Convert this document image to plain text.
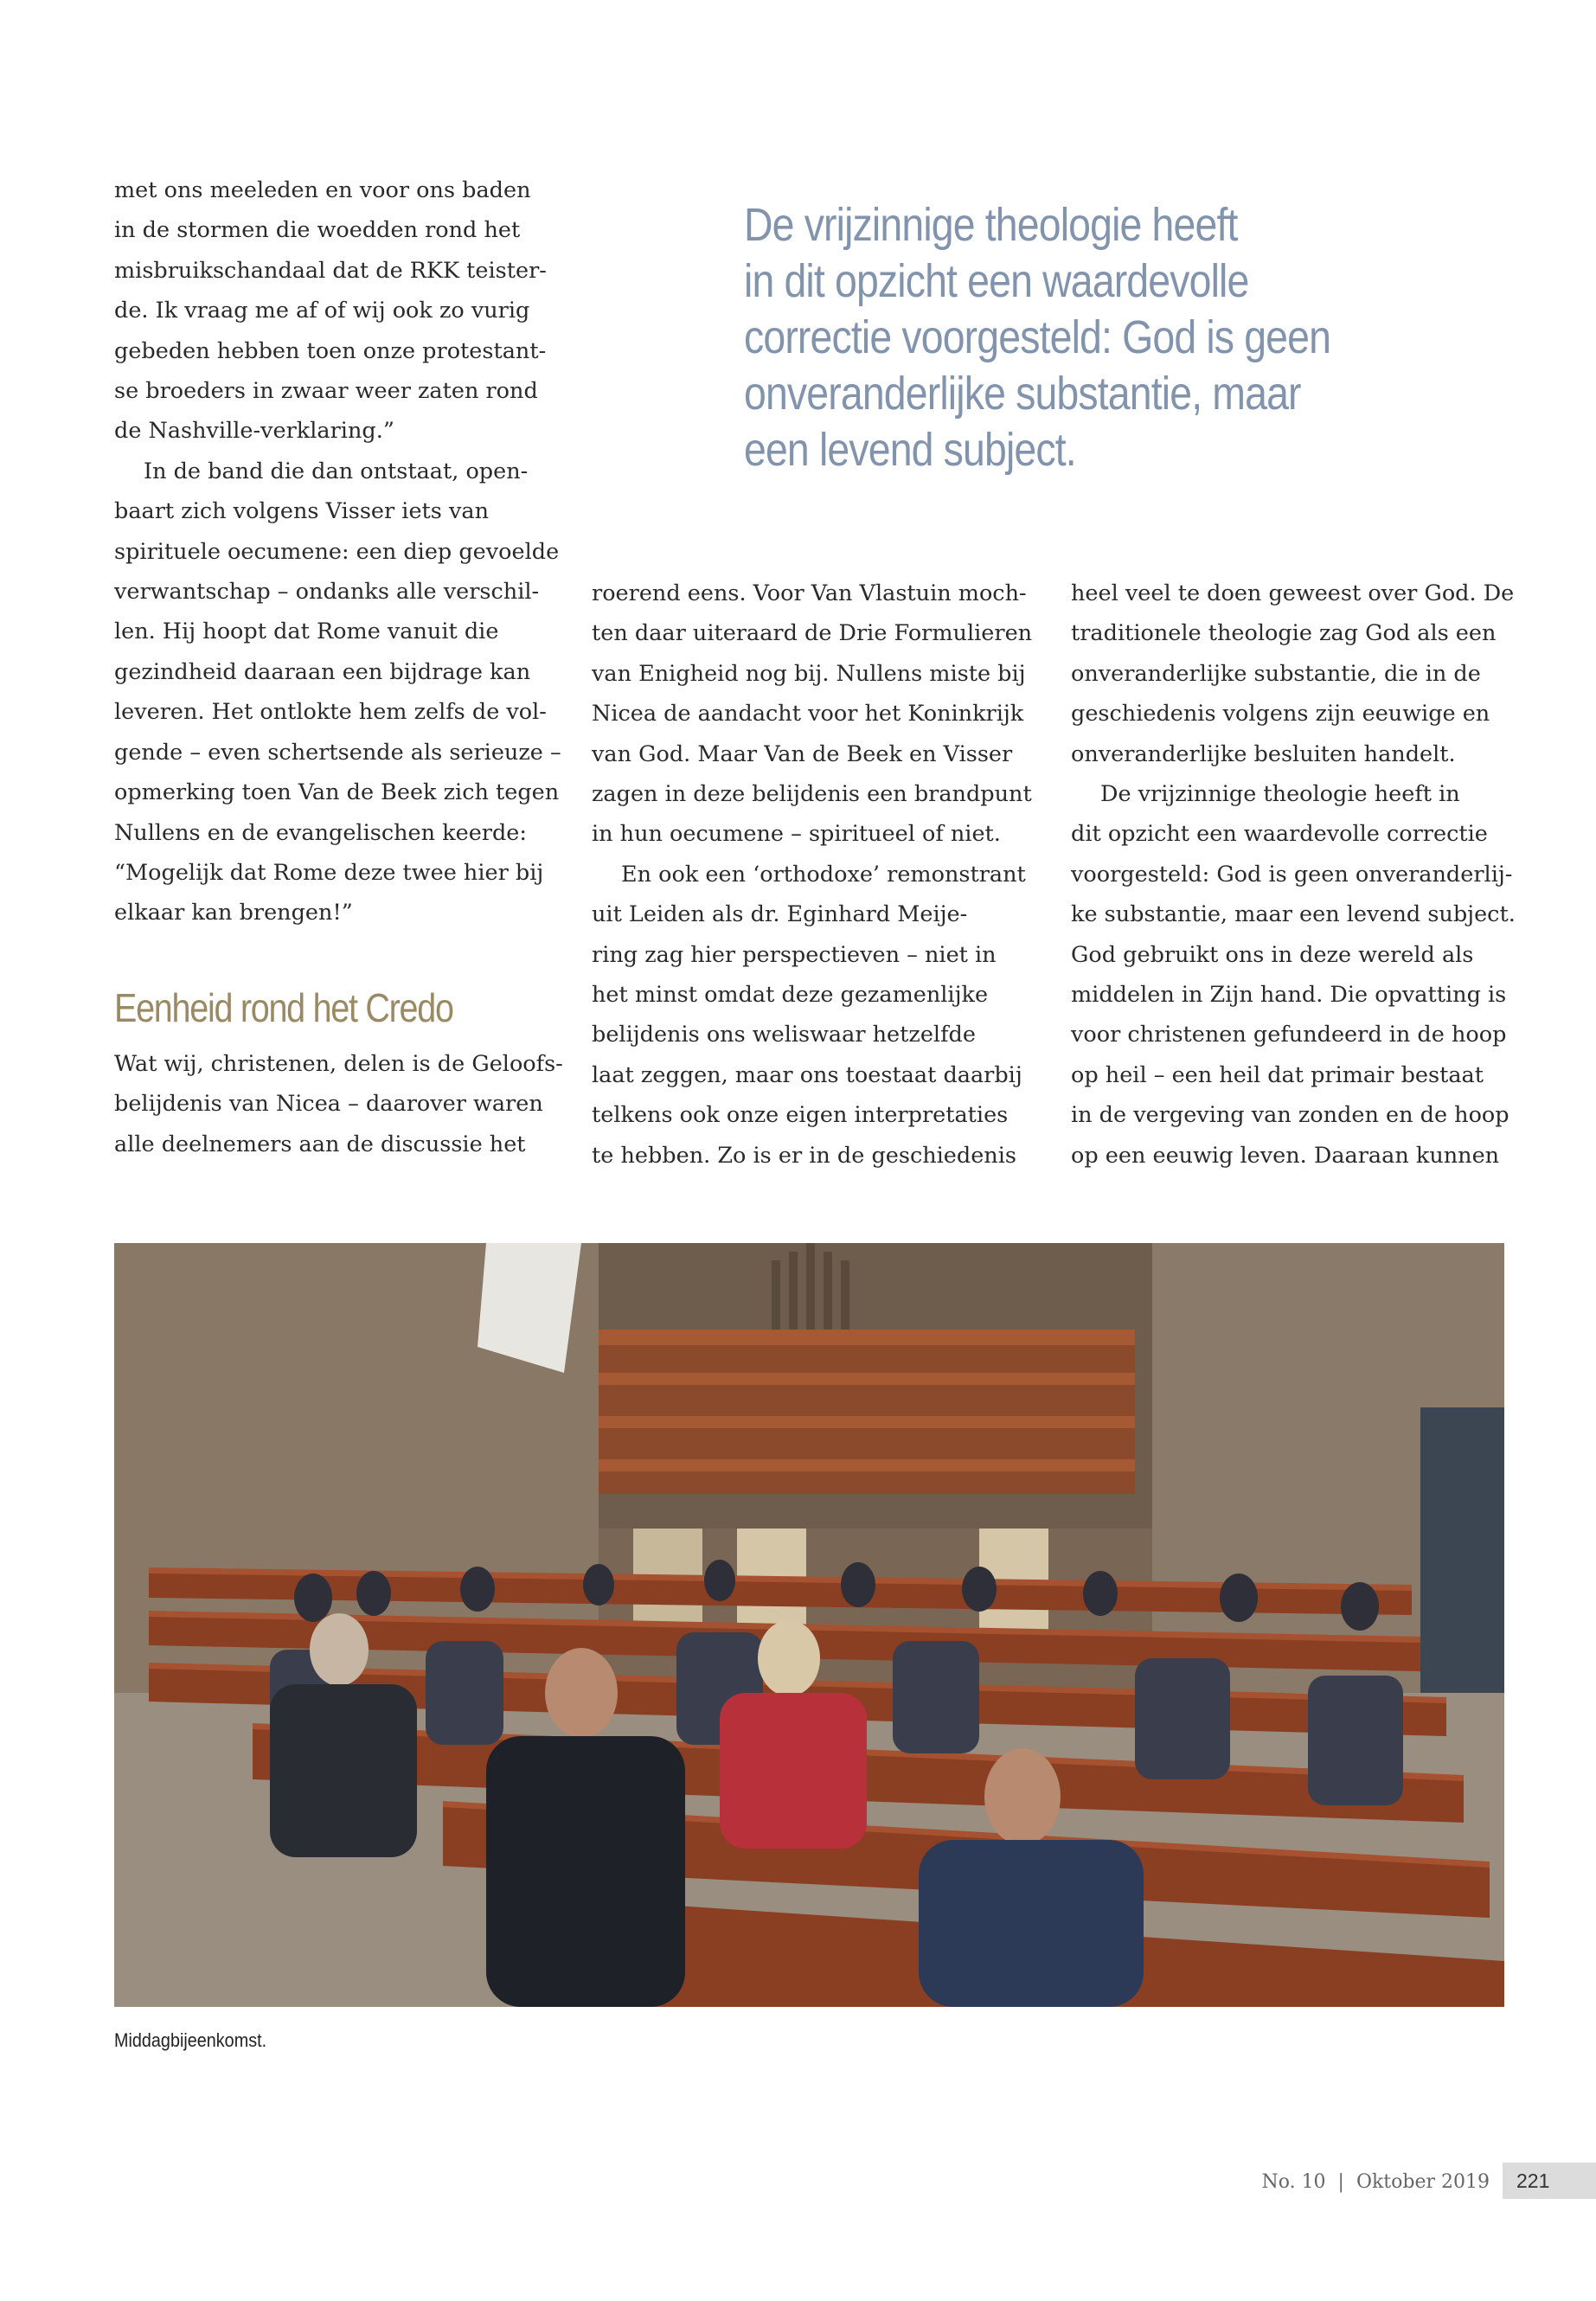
De vrijzinnige theologie heeft
in dit opzicht een waardevolle
correctie voorgesteld: God is geen
onveranderlijke substantie, maar
een levend subject.

met ons meeleden en voor ons baden
in de stormen die woedden rond het
misbruikschandaal dat de RKK teister-
de. Ik vraag me af of wij ook zo vurig
gebeden hebben toen onze protestant-
se broeders in zwaar weer zaten rond
de Nashville-verklaring.”

In de band die dan ontstaat, open-
baart zich volgens Visser iets van
spirituele oecumene: een diep gevoelde
verwantschap – ondanks alle verschil-
len. Hij hoopt dat Rome vanuit die
gezindheid daaraan een bijdrage kan
leveren. Het ontlokte hem zelfs de vol-
gende – even schertsende als serieuze –
opmerking toen Van de Beek zich tegen
Nullens en de evangelischen keerde:
“Mogelijk dat Rome deze twee hier bij
elkaar kan brengen!”

Eenheid rond het Credo

Wat wij, christenen, delen is de Geloofs-
belijdenis van Nicea – daarover waren
alle deelnemers aan de discussie het

roerend eens. Voor Van Vlastuin moch-
ten daar uiteraard de Drie Formulieren
van Enigheid nog bij. Nullens miste bij
Nicea de aandacht voor het Koninkrijk
van God. Maar Van de Beek en Visser
zagen in deze belijdenis een brandpunt
in hun oecumene – spiritueel of niet.

En ook een ‘orthodoxe’ remonstrant
uit Leiden als dr. Eginhard Meije-
ring zag hier perspectieven – niet in
het minst omdat deze gezamenlijke
belijdenis ons weliswaar hetzelfde
laat zeggen, maar ons toestaat daarbij
telkens ook onze eigen interpretaties
te hebben. Zo is er in de geschiedenis

heel veel te doen geweest over God. De
traditionele theologie zag God als een
onveranderlijke substantie, die in de
geschiedenis volgens zijn eeuwige en
onveranderlijke besluiten handelt.

De vrijzinnige theologie heeft in
dit opzicht een waardevolle correctie
voorgesteld: God is geen onveranderlij-
ke substantie, maar een levend subject.
God gebruikt ons in deze wereld als
middelen in Zijn hand. Die opvatting is
voor christenen gefundeerd in de hoop
op heil – een heil dat primair bestaat
in de vergeving van zonden en de hoop
op een eeuwig leven. Daaraan kunnen

Middagbijeenkomst.
No. 10  |  Oktober 2019	221
